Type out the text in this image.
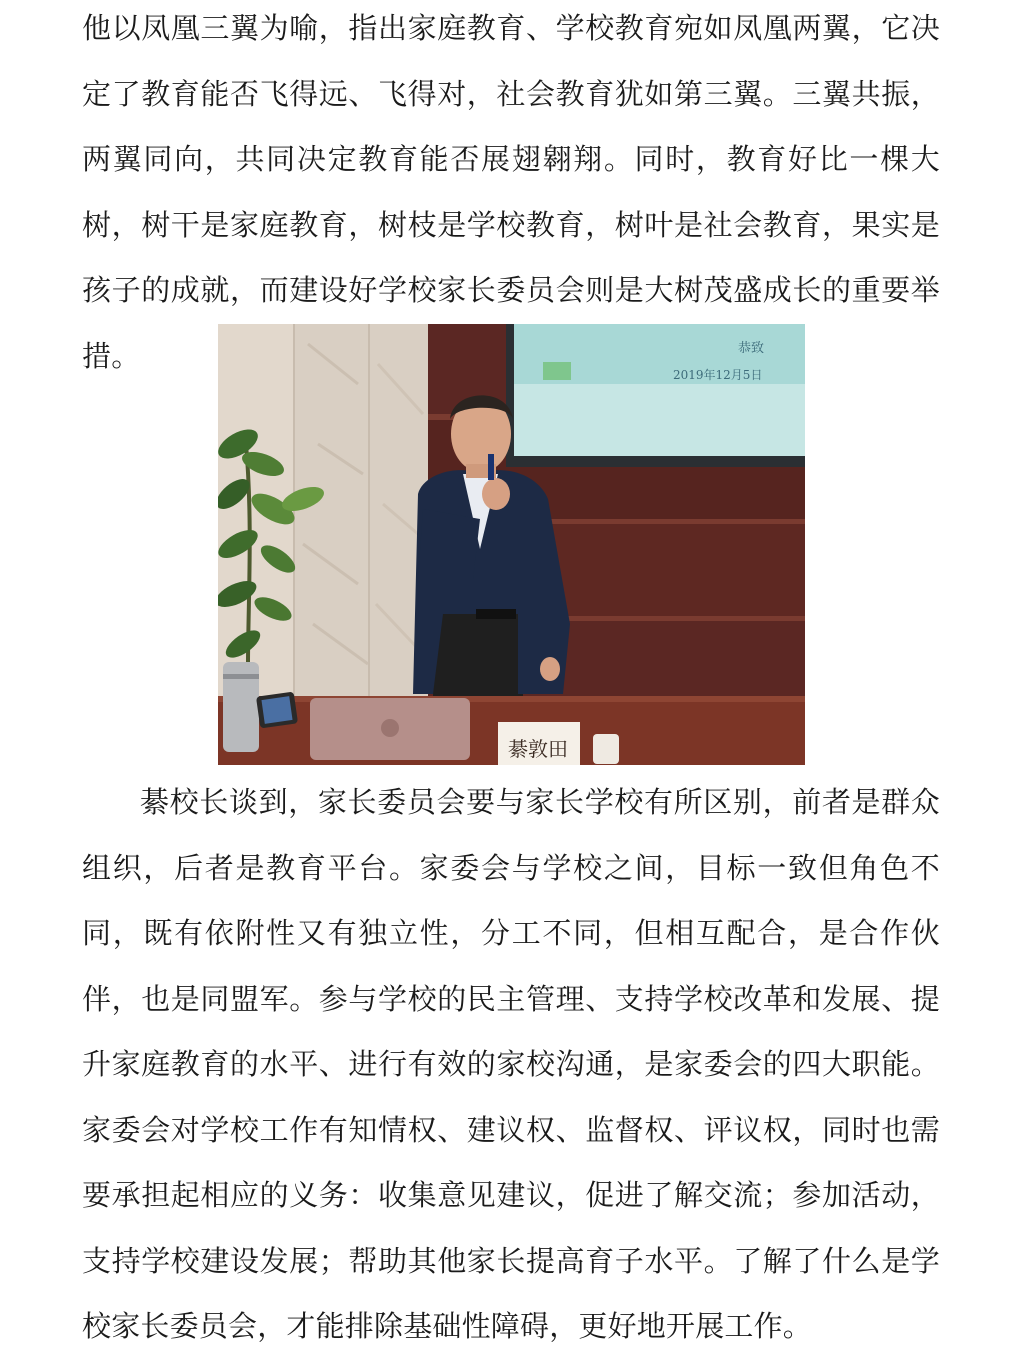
他以凤凰三翼为喻，指出家庭教育、学校教育宛如凤凰两翼，它决定了教育能否飞得远、飞得对，社会教育犹如第三翼。三翼共振，两翼同向，共同决定教育能否展翅翱翔。同时，教育好比一棵大树，树干是家庭教育，树枝是学校教育，树叶是社会教育，果实是孩子的成就，而建设好学校家长委员会则是大树茂盛成长的重要举措。	恭致
2019年12月5日
綦敦田

綦校长谈到，家长委员会要与家长学校有所区别，前者是群众组织，后者是教育平台。家委会与学校之间，目标一致但角色不同，既有依附性又有独立性，分工不同，但相互配合，是合作伙伴，也是同盟军。参与学校的民主管理、支持学校改革和发展、提升家庭教育的水平、进行有效的家校沟通，是家委会的四大职能。家委会对学校工作有知情权、建议权、监督权、评议权，同时也需要承担起相应的义务：收集意见建议，促进了解交流；参加活动，支持学校建设发展；帮助其他家长提高育子水平。了解了什么是学校家长委员会，才能排除基础性障碍，更好地开展工作。
